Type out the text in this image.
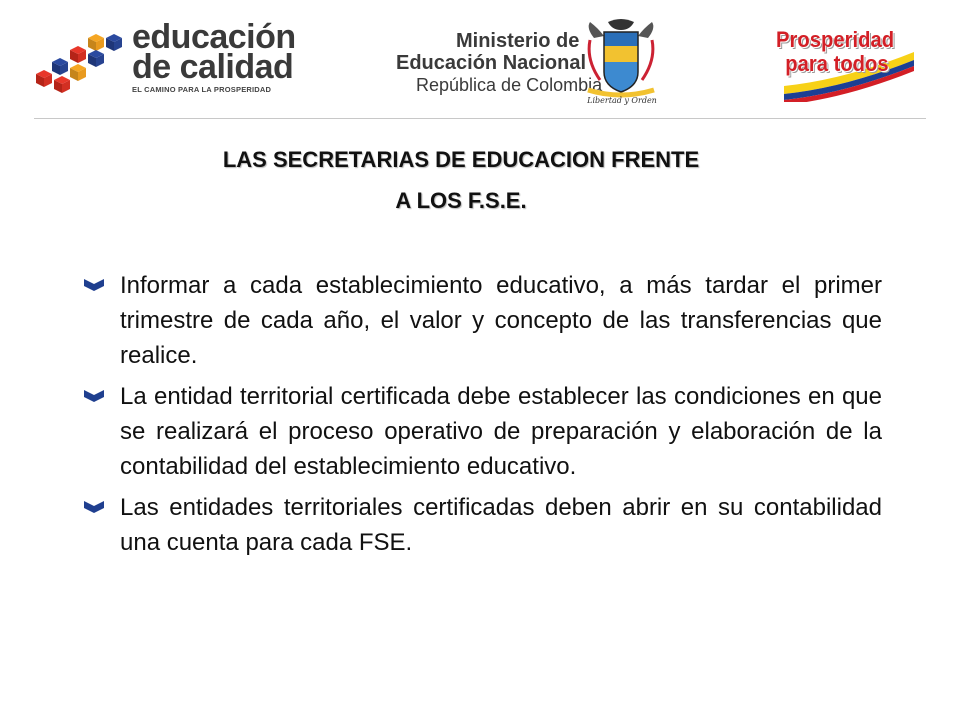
educación
de calidad
EL CAMINO PARA LA PROSPERIDAD
Ministerio de
Educación Nacional
República de Colombia
Libertad y Orden
Prosperidad
para todos
LAS SECRETARIAS DE EDUCACION FRENTE
A LOS F.S.E.
Informar a cada establecimiento educativo, a más tardar el primer trimestre de cada año, el valor y concepto de las transferencias que realice.
La entidad territorial certificada debe establecer las condiciones en que se realizará el proceso operativo de preparación y elaboración de la contabilidad del establecimiento educativo.
Las entidades territoriales certificadas deben abrir en su contabilidad una cuenta para cada FSE.
